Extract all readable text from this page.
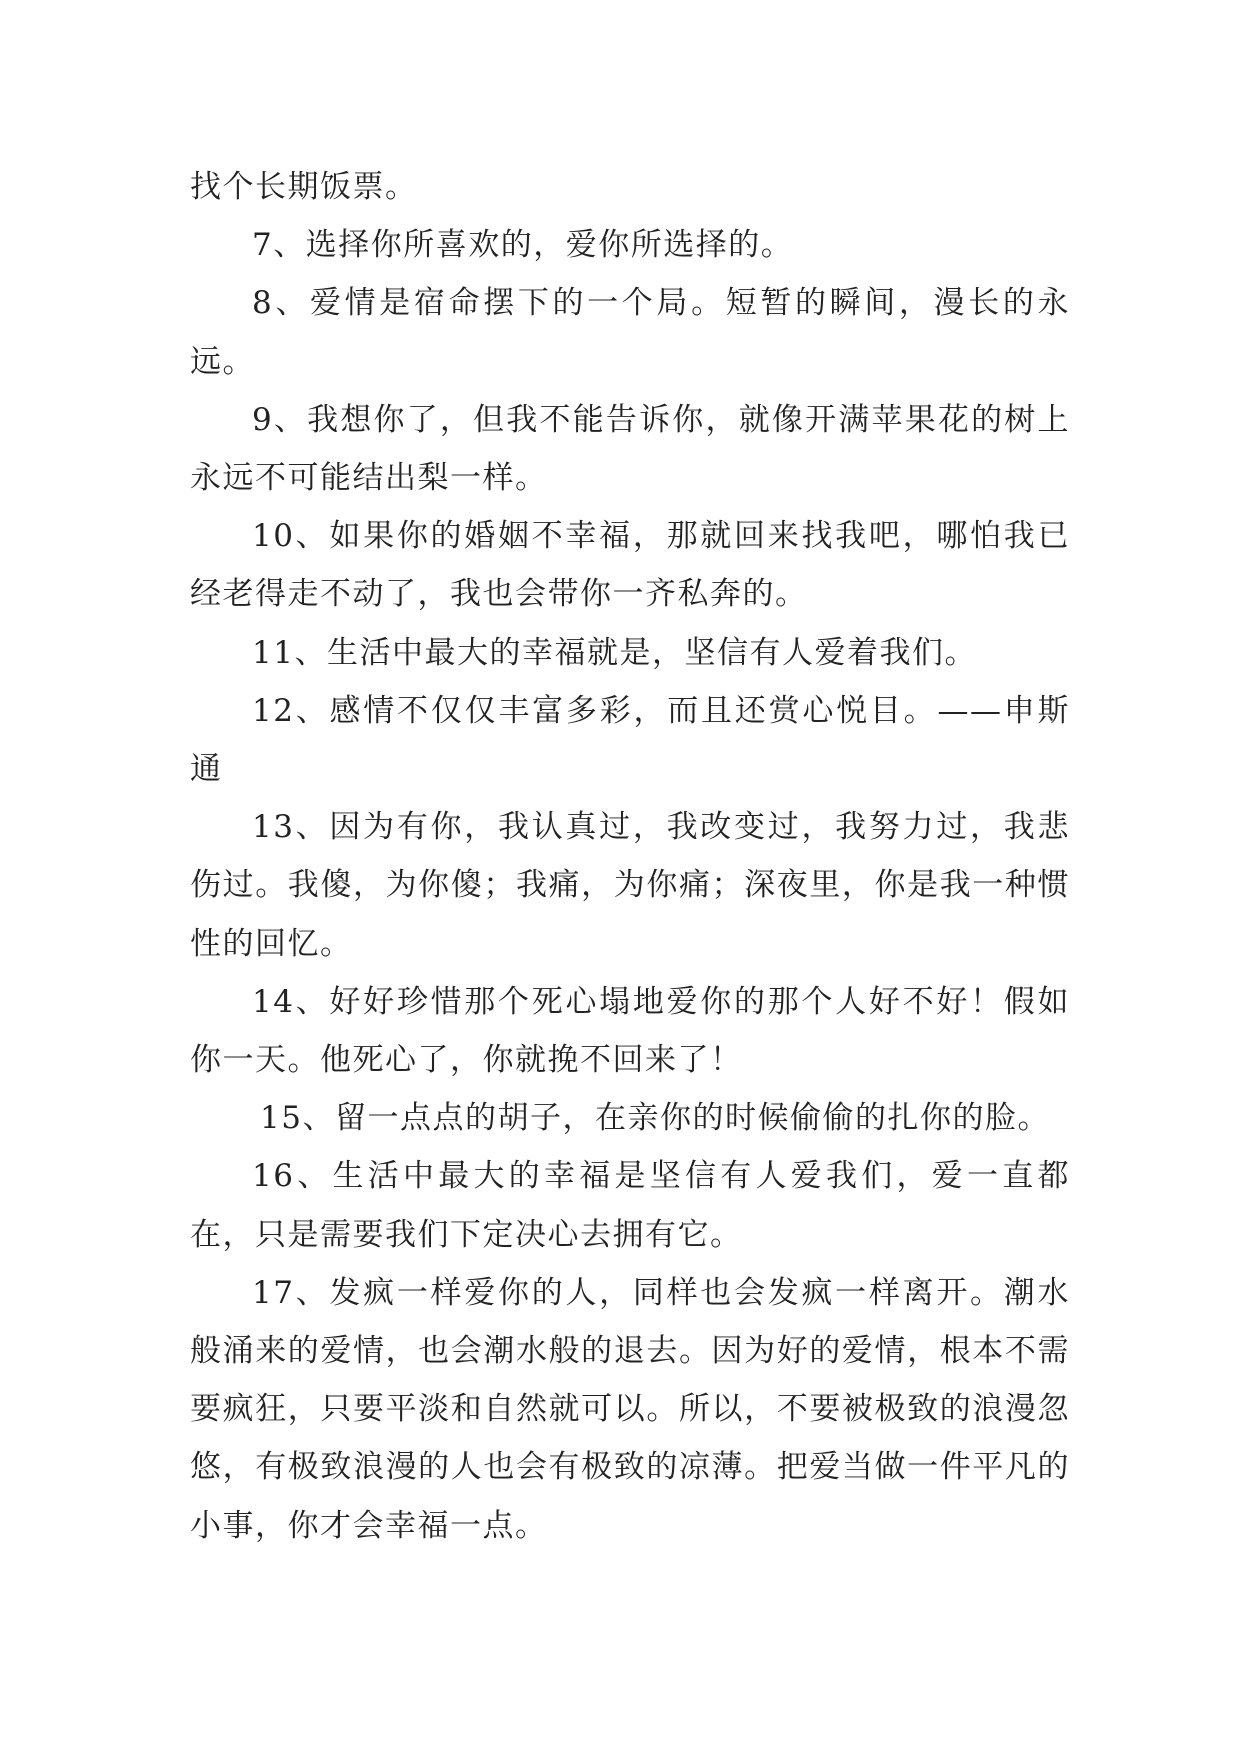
找个长期饭票。

7、选择你所喜欢的，爱你所选择的。

8、爱情是宿命摆下的一个局。短暂的瞬间，漫长的永远。

9、我想你了，但我不能告诉你，就像开满苹果花的树上永远不可能结出梨一样。

10、如果你的婚姻不幸福，那就回来找我吧，哪怕我已经老得走不动了，我也会带你一齐私奔的。

11、生活中最大的幸福就是，坚信有人爱着我们。

12、感情不仅仅丰富多彩，而且还赏心悦目。——申斯通

13、因为有你，我认真过，我改变过，我努力过，我悲伤过。我傻，为你傻；我痛，为你痛；深夜里，你是我一种惯性的回忆。

14、好好珍惜那个死心塌地爱你的那个人好不好！假如你一天。他死心了，你就挽不回来了！

15、留一点点的胡子，在亲你的时候偷偷的扎你的脸。

16、生活中最大的幸福是坚信有人爱我们，爱一直都在，只是需要我们下定决心去拥有它。

17、发疯一样爱你的人，同样也会发疯一样离开。潮水般涌来的爱情，也会潮水般的退去。因为好的爱情，根本不需要疯狂，只要平淡和自然就可以。所以，不要被极致的浪漫忽悠，有极致浪漫的人也会有极致的凉薄。把爱当做一件平凡的小事，你才会幸福一点。
